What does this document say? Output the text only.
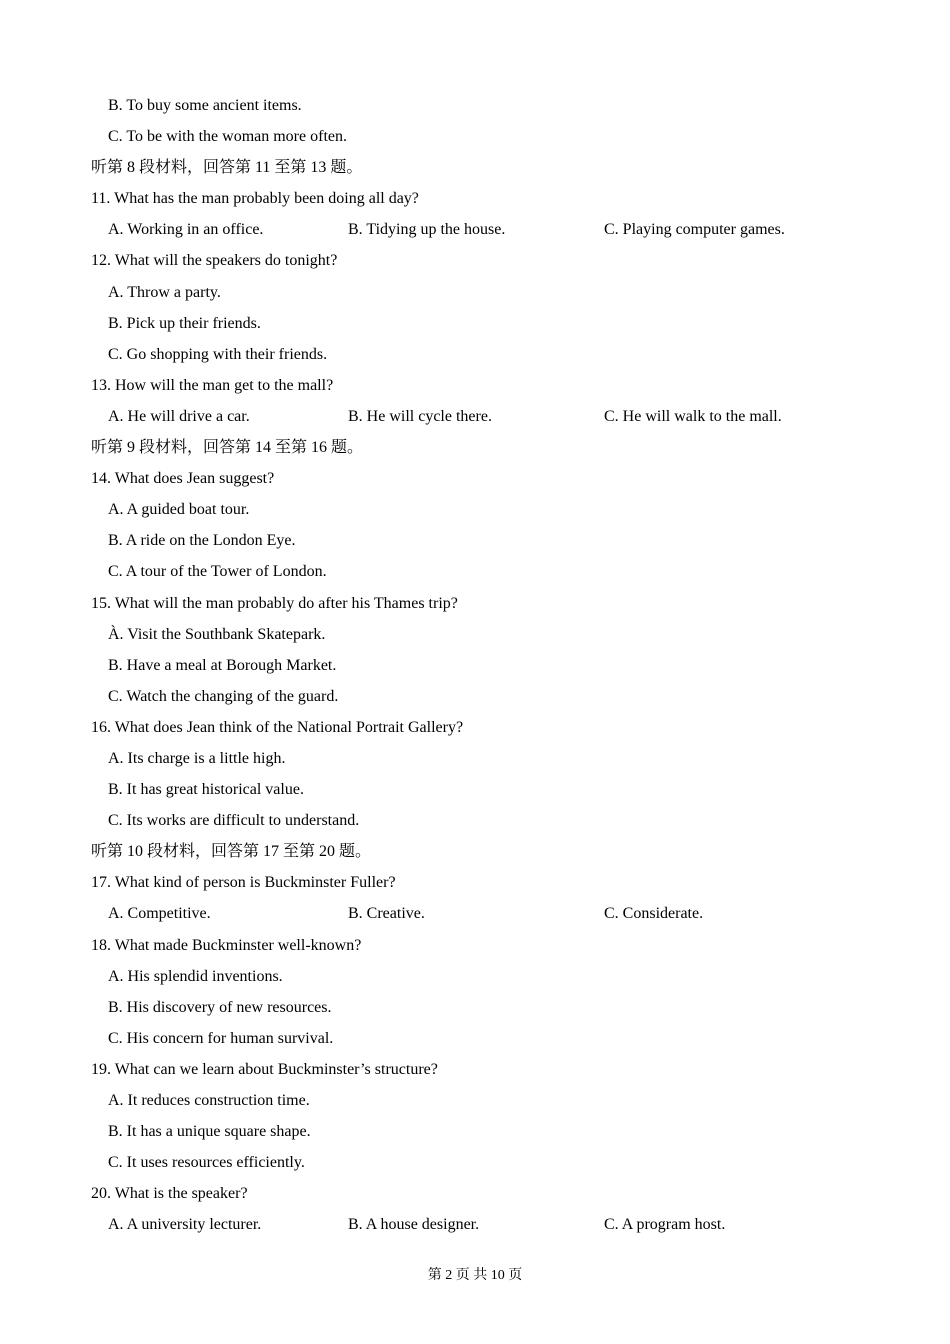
B. To buy some ancient items.
C. To be with the woman more often.
听第 8 段材料，回答第 11 至第 13 题。
11. What has the man probably been doing all day?
A. Working in an office.	B. Tidying up the house.	C. Playing computer games.
12. What will the speakers do tonight?
A. Throw a party.
B. Pick up their friends.
C. Go shopping with their friends.
13. How will the man get to the mall?
A. He will drive a car.	B. He will cycle there.	C. He will walk to the mall.
听第 9 段材料，回答第 14 至第 16 题。
14. What does Jean suggest?
A. A guided boat tour.
B. A ride on the London Eye.
C. A tour of the Tower of London.
15. What will the man probably do after his Thames trip?
À. Visit the Southbank Skatepark.
B. Have a meal at Borough Market.
C. Watch the changing of the guard.
16. What does Jean think of the National Portrait Gallery?
A. Its charge is a little high.
B. It has great historical value.
C. Its works are difficult to understand.
听第 10 段材料，回答第 17 至第 20 题。
17. What kind of person is Buckminster Fuller?
A. Competitive.	B. Creative.	C. Considerate.
18. What made Buckminster well-known?
A. His splendid inventions.
B. His discovery of new resources.
C. His concern for human survival.
19. What can we learn about Buckminster’s structure?
A. It reduces construction time.
B. It has a unique square shape.
C. It uses resources efficiently.
20. What is the speaker?
A. A university lecturer.	B. A house designer.	C. A program host.
第 2 页 共 10 页
